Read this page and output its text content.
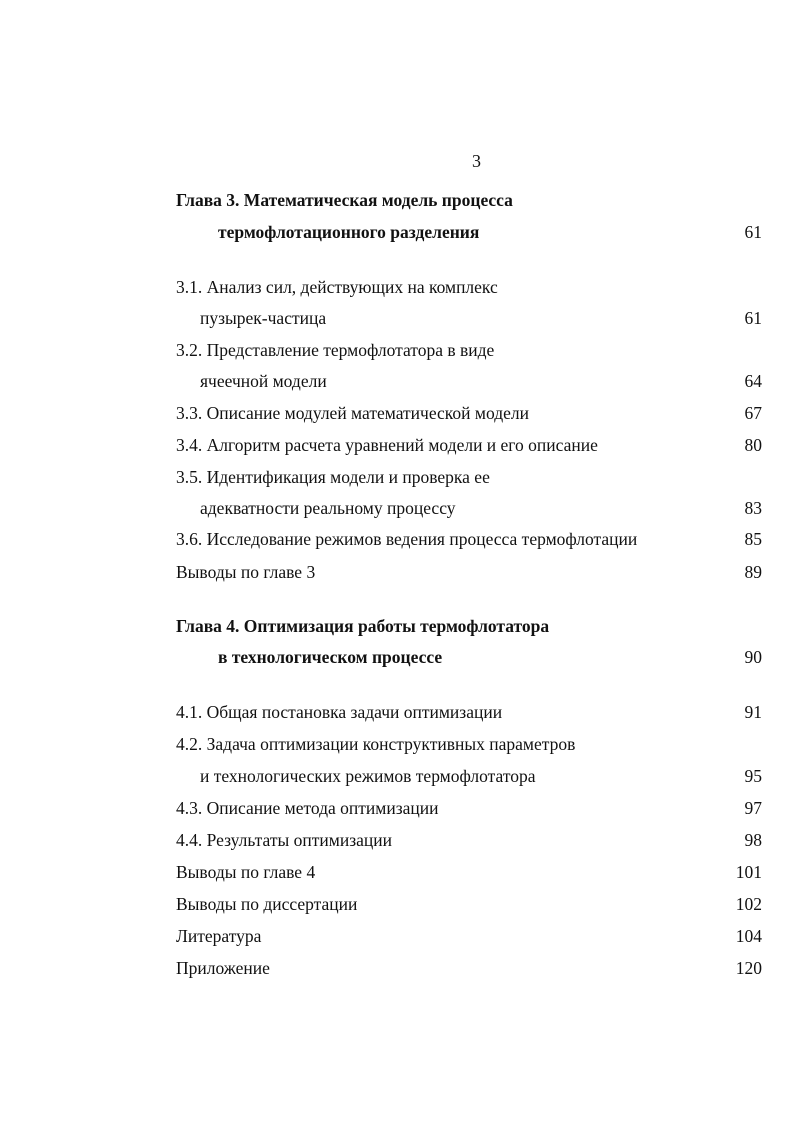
3
Глава 3. Математическая модель процесса
термофлотационного разделения	61
3.1. Анализ сил, действующих на комплекс
пузырек-частица	61
3.2. Представление термофлотатора в виде
ячеечной модели	64
3.3. Описание модулей математической модели	67
3.4. Алгоритм расчета уравнений модели и его описание	80
3.5. Идентификация модели и проверка ее
адекватности реальному процессу	83
3.6. Исследование режимов ведения процесса термофлотации	85
Выводы по главе 3	89
Глава 4. Оптимизация работы термофлотатора
в технологическом процессе	90
4.1. Общая постановка задачи оптимизации	91
4.2. Задача оптимизации конструктивных параметров
и технологических режимов термофлотатора	95
4.3. Описание метода оптимизации	97
4.4. Результаты оптимизации	98
Выводы по главе 4	101
Выводы по диссертации	102
Литература	104
Приложение	120
